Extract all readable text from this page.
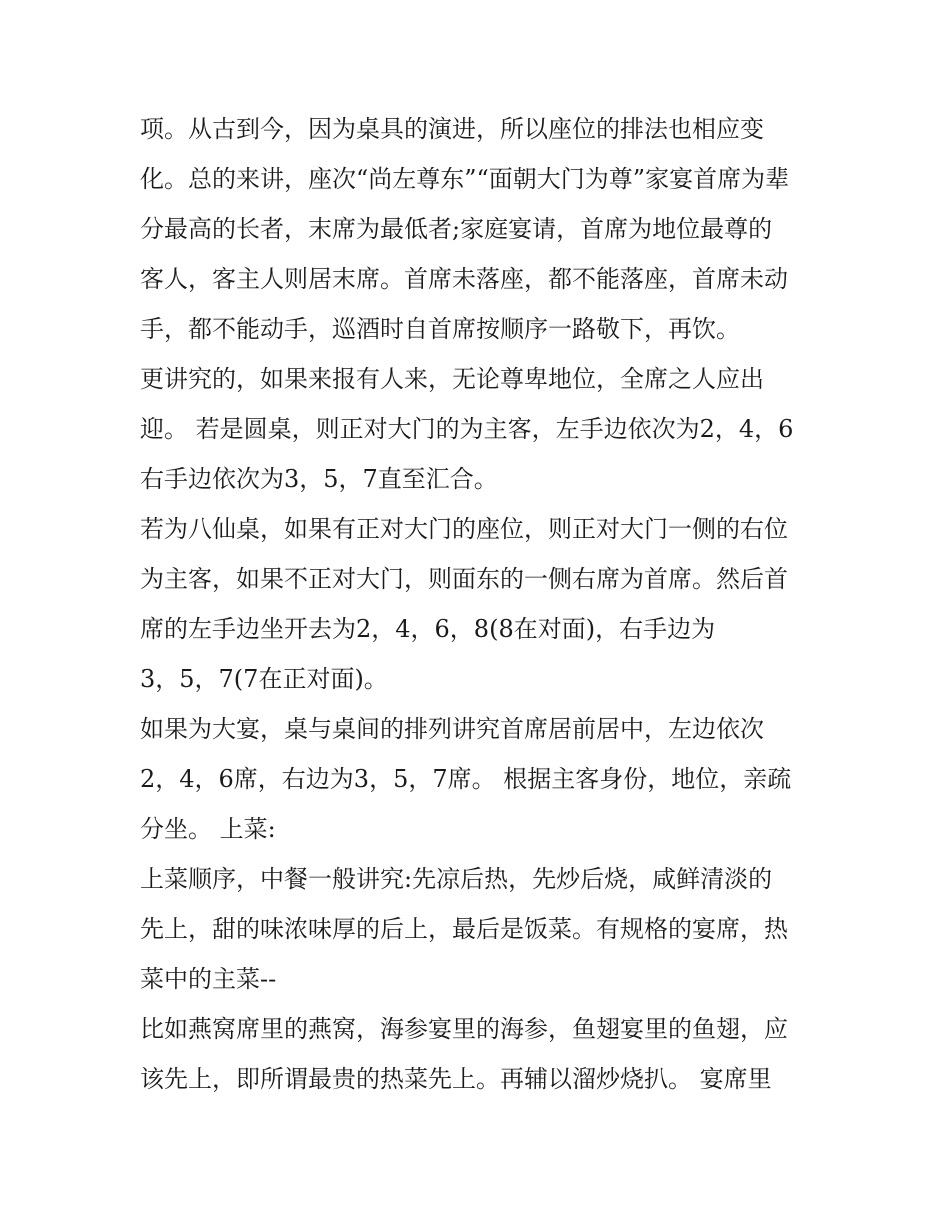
项。从古到今，因为桌具的演进，所以座位的排法也相应变

化。总的来讲，座次“尚左尊东”“面朝大门为尊”家宴首席为辈

分最高的长者，末席为最低者;家庭宴请，首席为地位最尊的

客人，客主人则居末席。首席未落座，都不能落座，首席未动

手，都不能动手，巡酒时自首席按顺序一路敬下，再饮。

更讲究的，如果来报有人来，无论尊卑地位，全席之人应出

迎。 若是圆桌，则正对大门的为主客，左手边依次为2，4，6

右手边依次为3，5，7直至汇合。

若为八仙桌，如果有正对大门的座位，则正对大门一侧的右位

为主客，如果不正对大门，则面东的一侧右席为首席。然后首

席的左手边坐开去为2，4，6，8(8在对面)，右手边为

3，5，7(7在正对面)。

如果为大宴，桌与桌间的排列讲究首席居前居中，左边依次

2，4，6席，右边为3，5，7席。 根据主客身份，地位，亲疏

分坐。 上菜:

上菜顺序，中餐一般讲究:先凉后热，先炒后烧，咸鲜清淡的

先上，甜的味浓味厚的后上，最后是饭菜。有规格的宴席，热

菜中的主菜--

比如燕窝席里的燕窝，海参宴里的海参，鱼翅宴里的鱼翅，应

该先上，即所谓最贵的热菜先上。再辅以溜炒烧扒。 宴席里
